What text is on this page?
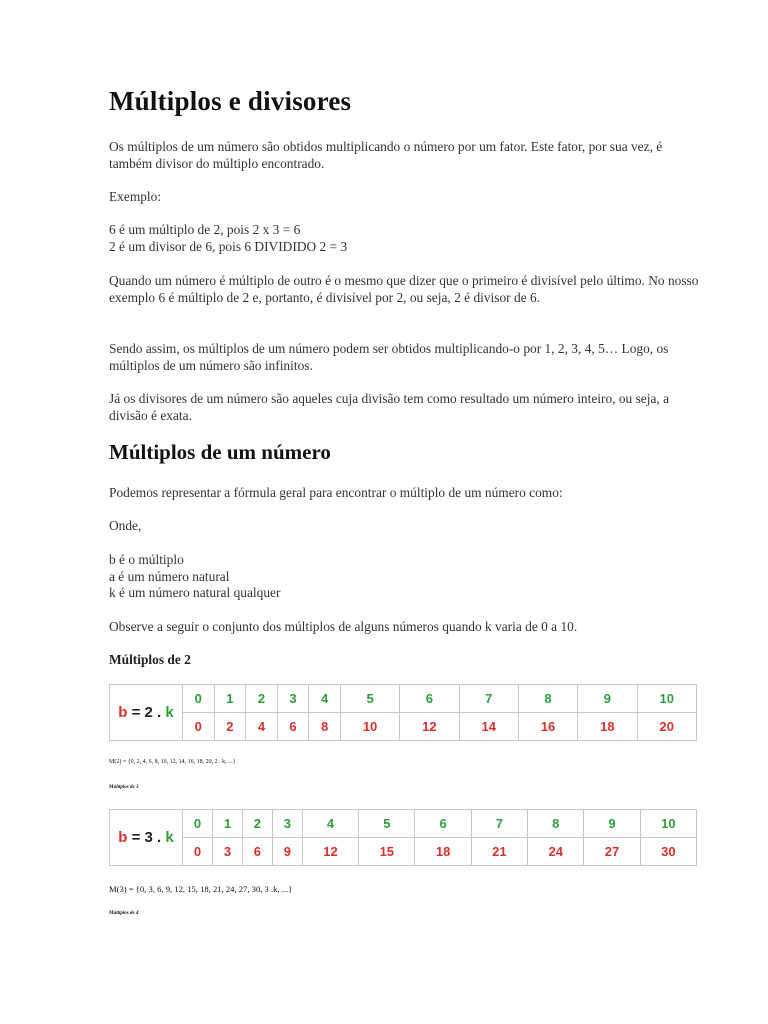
Múltiplos e divisores

Os múltiplos de um número são obtidos multiplicando o número por um fator. Este fator, por sua vez, é também divisor do múltiplo encontrado.

Exemplo:

6 é um múltiplo de 2, pois 2 x 3 = 6

2 é um divisor de 6, pois 6 DIVIDIDO 2 = 3

Quando um número é múltiplo de outro é o mesmo que dizer que o primeiro é divisível pelo último. No nosso exemplo 6 é múltiplo de 2 e, portanto, é divisível por 2, ou seja, 2 é divisor de 6.

Sendo assim, os múltiplos de um número podem ser obtidos multiplicando-o por 1, 2, 3, 4, 5… Logo, os múltiplos de um número são infinitos.

Já os divisores de um número são aqueles cuja divisão tem como resultado um número inteiro, ou seja, a divisão é exata.

Múltiplos de um número

Podemos representar a fórmula geral para encontrar o múltiplo de um número como:

Onde,

b é o múltiplo

a é um número natural

k é um número natural qualquer

Observe a seguir o conjunto dos múltiplos de alguns números quando k varia de 0 a 10.

Múltiplos de 2

b = 2 . k	0	1	2	3	4	5	6	7	8	9	10
	0	2	4	6	8	10	12	14	16	18	20

M(2) = {0, 2, 4, 6, 8, 10, 12, 14, 16, 18, 20, 2 . k, ...}

Múltiplos de 3

b = 3 . k	0	1	2	3	4	5	6	7	8	9	10
	0	3	6	9	12	15	18	21	24	27	30

M(3) = {0, 3, 6, 9, 12, 15, 18, 21, 24, 27, 30, 3 .k, ...}

Múltiplos de 4
